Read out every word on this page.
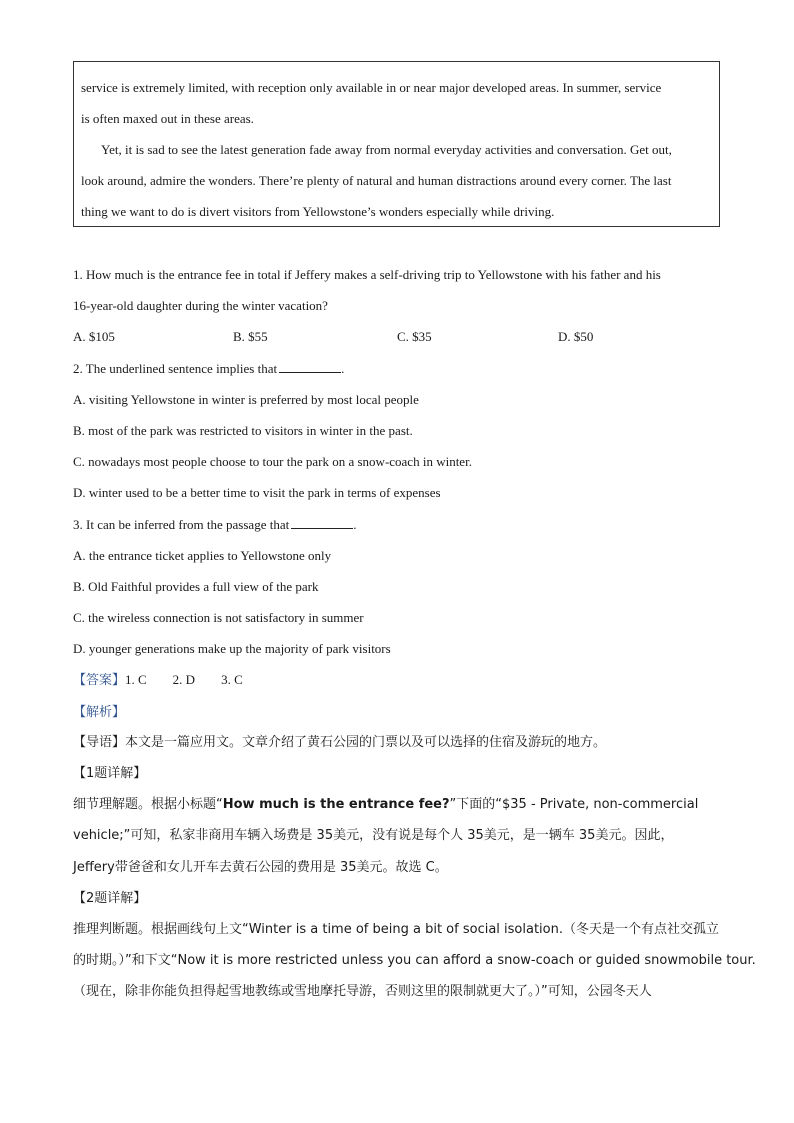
service is extremely limited, with reception only available in or near major developed areas. In summer, service
is often maxed out in these areas.

Yet, it is sad to see the latest generation fade away from normal everyday activities and conversation. Get out,
look around, admire the wonders. There’re plenty of natural and human distractions around every corner. The last
thing we want to do is divert visitors from Yellowstone’s wonders especially while driving.

1. How much is the entrance fee in total if Jeffery makes a self-driving trip to Yellowstone with his father and his
16-year-old daughter during the winter vacation?
A. $105	B. $55	C. $35	D. $50
2. The underlined sentence implies that	.
A. visiting Yellowstone in winter is preferred by most local people
B. most of the park was restricted to visitors in winter in the past.
C. nowadays most people choose to tour the park on a snow-coach in winter.
D. winter used to be a better time to visit the park in terms of expenses
3. It can be inferred from the passage that	.
A. the entrance ticket applies to Yellowstone only
B. Old Faithful provides a full view of the park
C. the wireless connection is not satisfactory in summer
D. younger generations make up the majority of park visitors
【答案】1. C　　2. D　　3. C
【解析】
【导语】本文是一篇应用文。文章介绍了黄石公园的门票以及可以选择的住宿及游玩的地方。
【1题详解】
细节理解题。根据小标题“How much is the entrance fee?”下面的“$35 - Private, non-commercial
vehicle;”可知，私家非商用车辆入场费是 35美元，没有说是每个人 35美元，是一辆车 35美元。因此，
Jeffery带爸爸和女儿开车去黄石公园的费用是 35美元。故选 C。
【2题详解】
推理判断题。根据画线句上文“Winter is a time of being a bit of social isolation.（冬天是一个有点社交孤立
的时期。）”和下文“Now it is more restricted unless you can afford a snow-coach or guided snowmobile tour.
（现在，除非你能负担得起雪地教练或雪地摩托导游，否则这里的限制就更大了。）”可知，公园冬天人
